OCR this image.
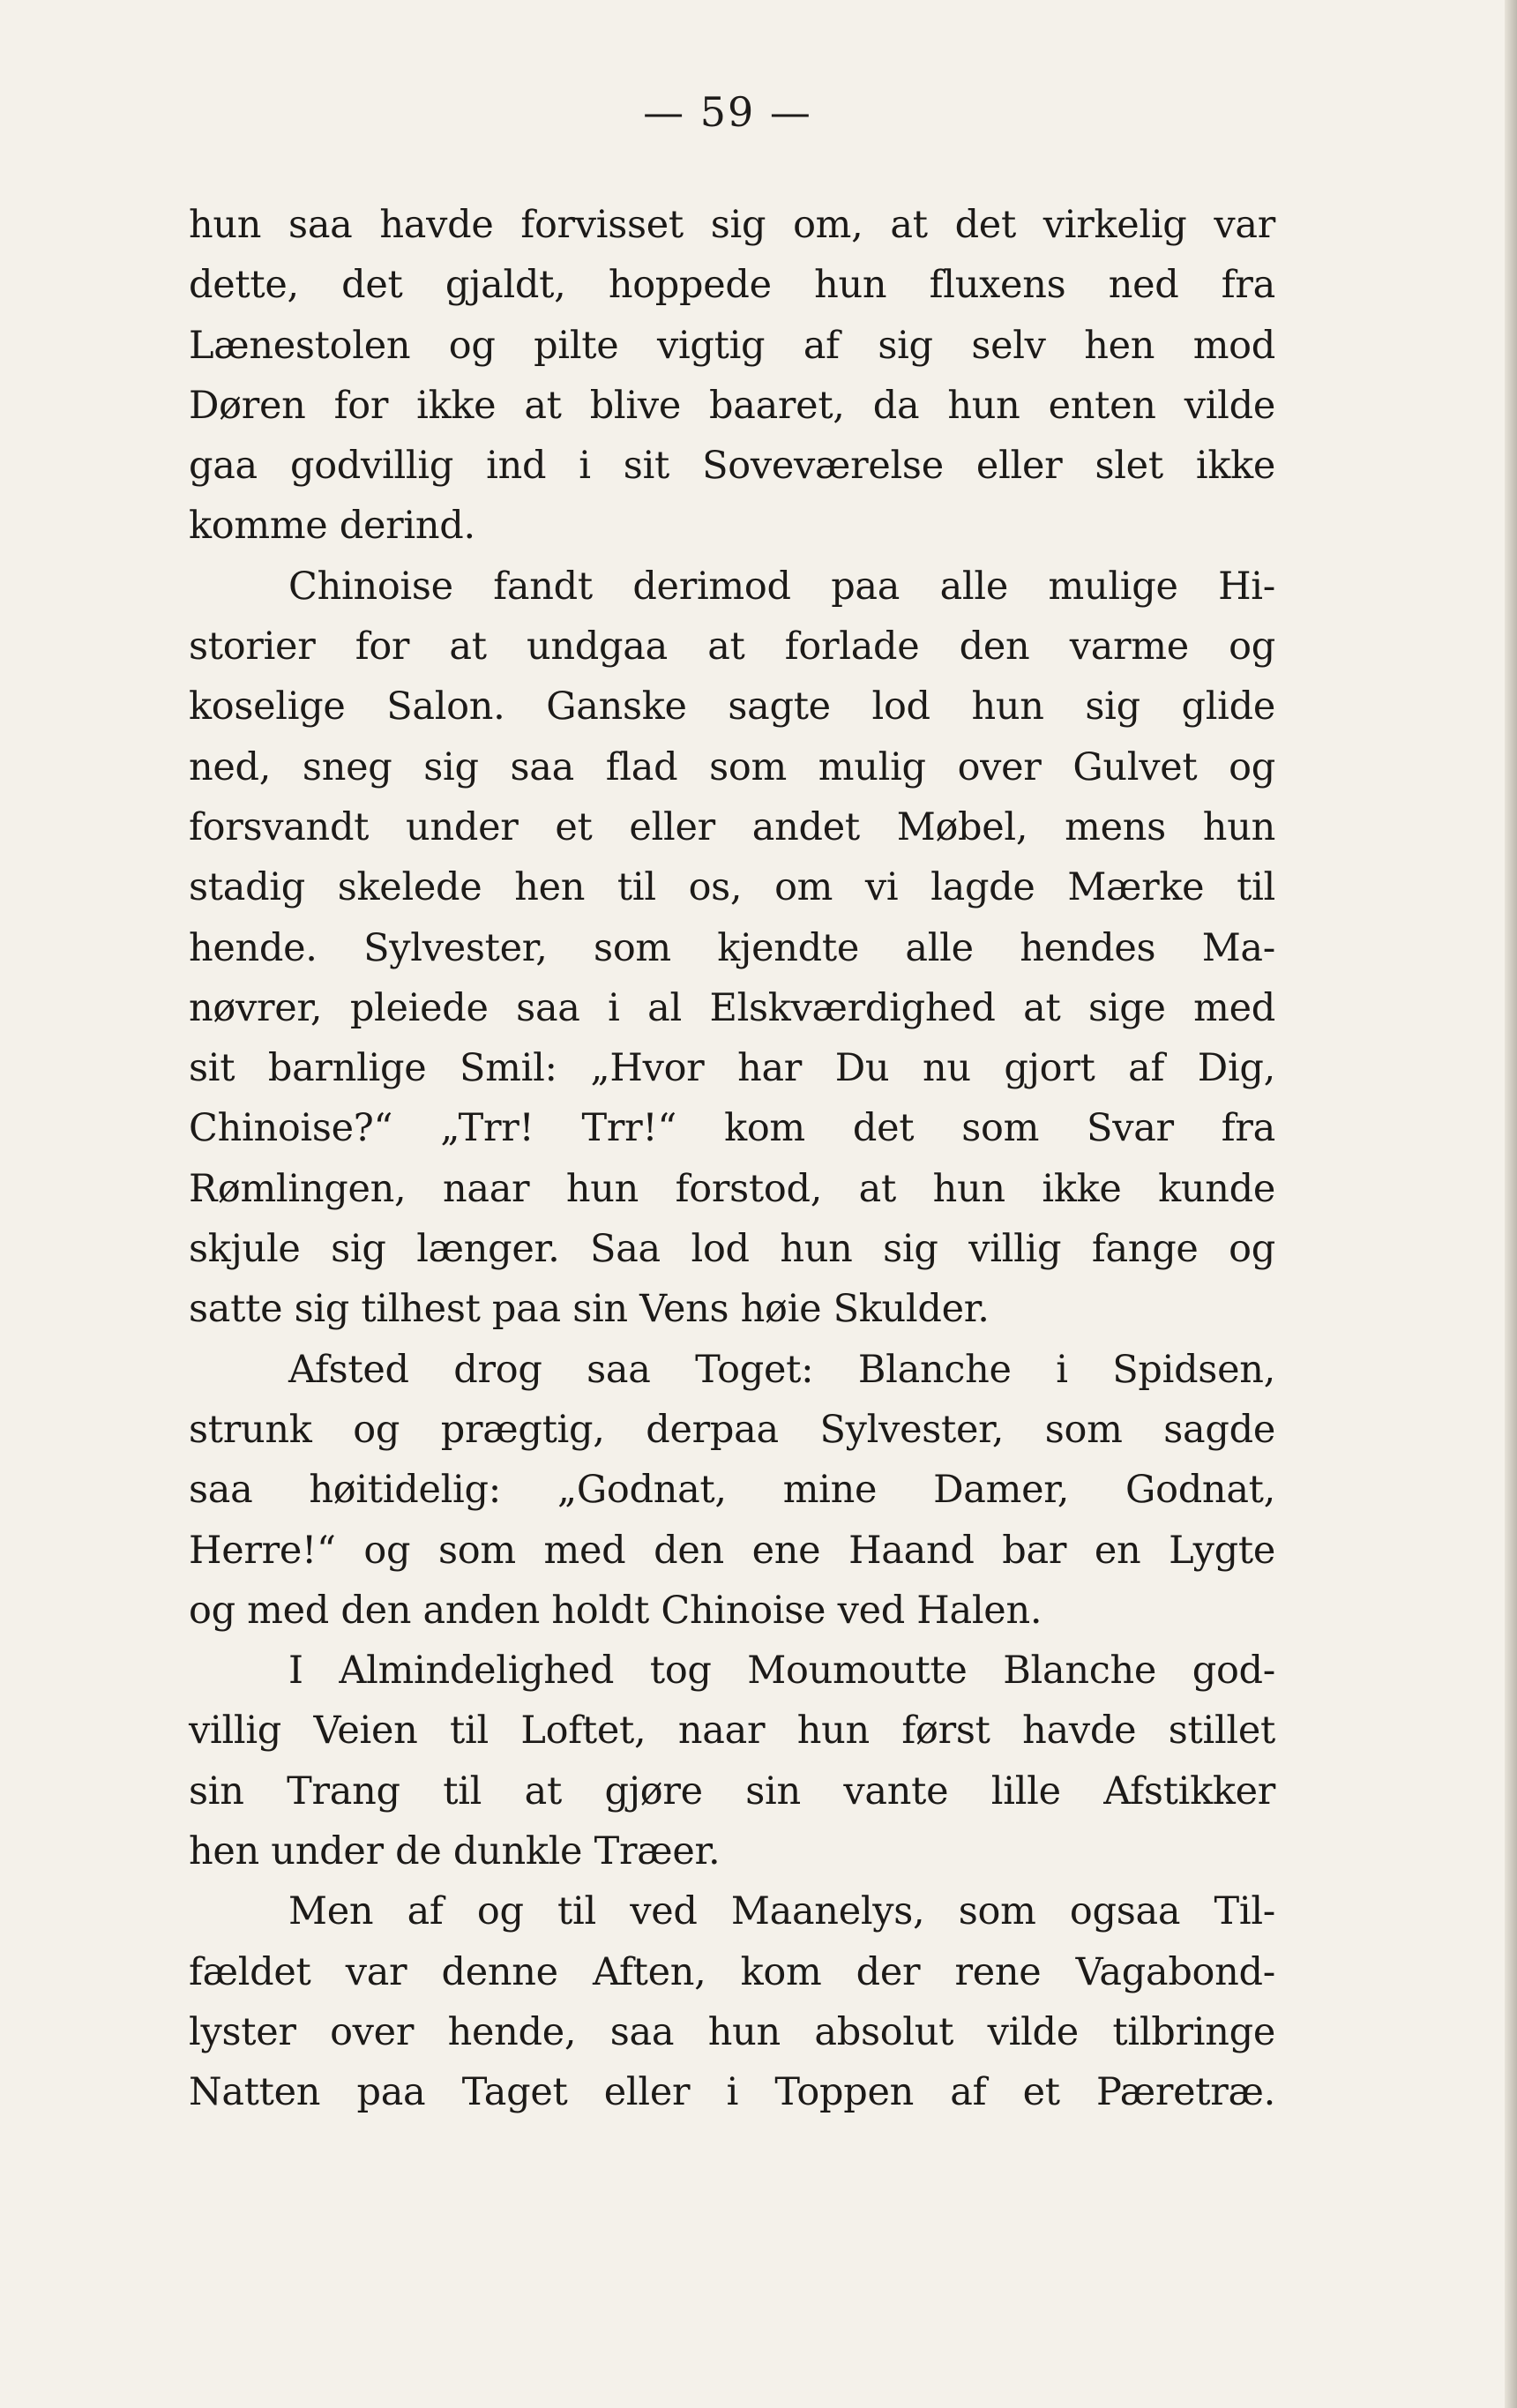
— 59 —
hun saa havde forvisset sig om, at det virkelig var
dette, det gjaldt, hoppede hun fluxens ned fra
Lænestolen og pilte vigtig af sig selv hen mod
Døren for ikke at blive baaret, da hun enten vilde
gaa godvillig ind i sit Soveværelse eller slet ikke
komme derind.
Chinoise fandt derimod paa alle mulige Hi-
storier for at undgaa at forlade den varme og
koselige Salon. Ganske sagte lod hun sig glide
ned, sneg sig saa flad som mulig over Gulvet og
forsvandt under et eller andet Møbel, mens hun
stadig skelede hen til os, om vi lagde Mærke til
hende. Sylvester, som kjendte alle hendes Ma-
nøvrer, pleiede saa i al Elskværdighed at sige med
sit barnlige Smil: „Hvor har Du nu gjort af Dig,
Chinoise?“ „Trr! Trr!“ kom det som Svar fra
Rømlingen, naar hun forstod, at hun ikke kunde
skjule sig længer. Saa lod hun sig villig fange og
satte sig tilhest paa sin Vens høie Skulder.
Afsted drog saa Toget: Blanche i Spidsen,
strunk og prægtig, derpaa Sylvester, som sagde
saa høitidelig: „Godnat, mine Damer, Godnat,
Herre!“ og som med den ene Haand bar en Lygte
og med den anden holdt Chinoise ved Halen.
I Almindelighed tog Moumoutte Blanche god-
villig Veien til Loftet, naar hun først havde stillet
sin Trang til at gjøre sin vante lille Afstikker
hen under de dunkle Træer.
Men af og til ved Maanelys, som ogsaa Til-
fældet var denne Aften, kom der rene Vagabond-
lyster over hende, saa hun absolut vilde tilbringe
Natten paa Taget eller i Toppen af et Pæretræ.
